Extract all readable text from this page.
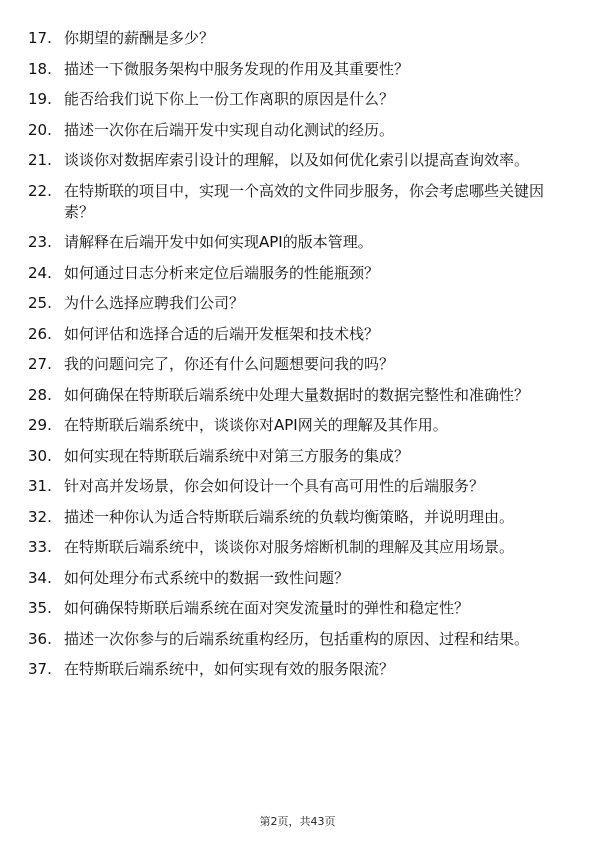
17. 你期望的薪酬是多少？
18. 描述一下微服务架构中服务发现的作用及其重要性？
19. 能否给我们说下你上一份工作离职的原因是什么？
20. 描述一次你在后端开发中实现自动化测试的经历。
21. 谈谈你对数据库索引设计的理解，以及如何优化索引以提高查询效率。
22. 在特斯联的项目中，实现一个高效的文件同步服务，你会考虑哪些关键因素？
23. 请解释在后端开发中如何实现API的版本管理。
24. 如何通过日志分析来定位后端服务的性能瓶颈？
25. 为什么选择应聘我们公司？
26. 如何评估和选择合适的后端开发框架和技术栈？
27. 我的问题问完了，你还有什么问题想要问我的吗？
28. 如何确保在特斯联后端系统中处理大量数据时的数据完整性和准确性？
29. 在特斯联后端系统中，谈谈你对API网关的理解及其作用。
30. 如何实现在特斯联后端系统中对第三方服务的集成？
31. 针对高并发场景，你会如何设计一个具有高可用性的后端服务？
32. 描述一种你认为适合特斯联后端系统的负载均衡策略，并说明理由。
33. 在特斯联后端系统中，谈谈你对服务熔断机制的理解及其应用场景。
34. 如何处理分布式系统中的数据一致性问题？
35. 如何确保特斯联后端系统在面对突发流量时的弹性和稳定性？
36. 描述一次你参与的后端系统重构经历，包括重构的原因、过程和结果。
37. 在特斯联后端系统中，如何实现有效的服务限流？
第2页，共43页
